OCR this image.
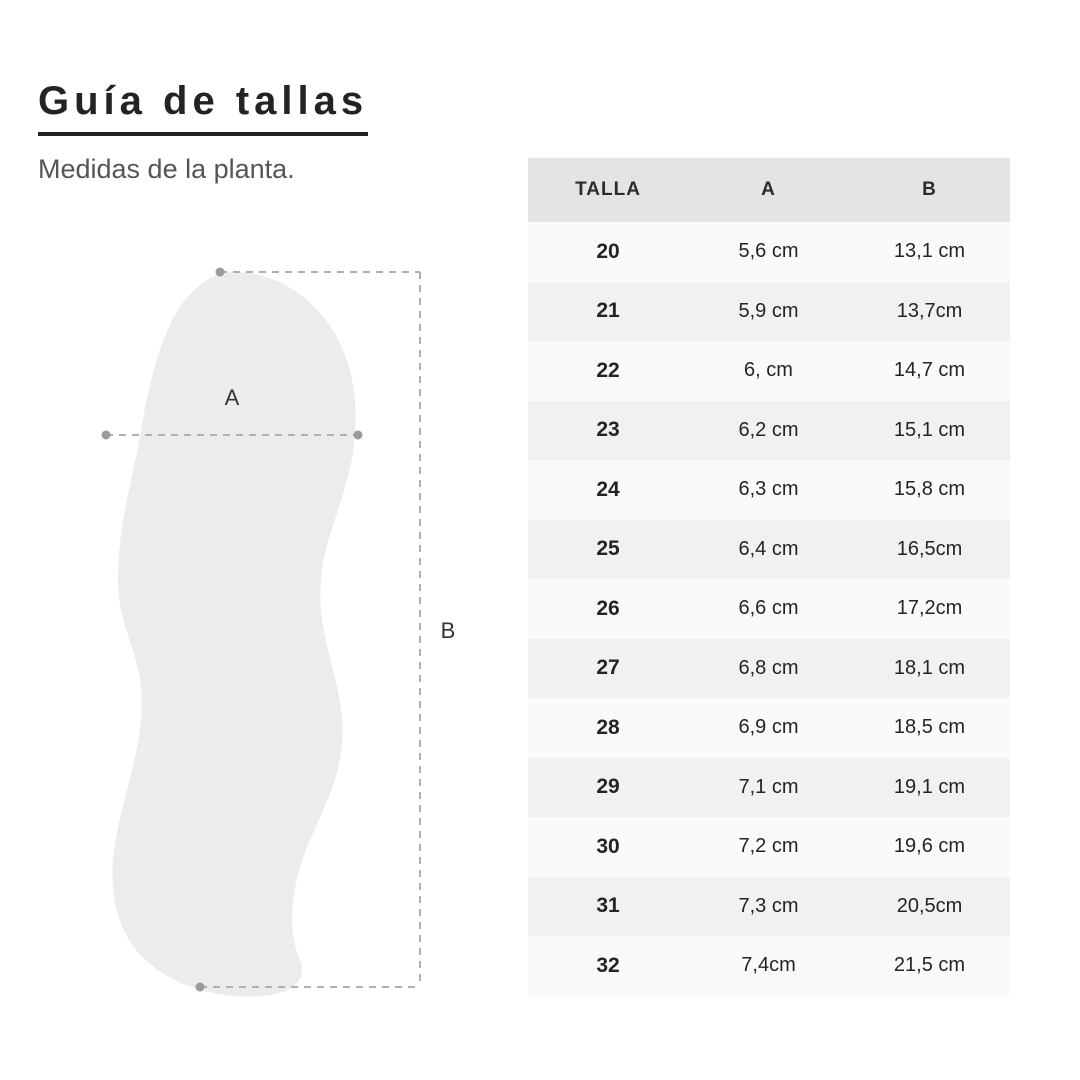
Guía de tallas

Medidas de la planta.

A
B
TALLA	A	B
20	5,6 cm	13,1 cm
21	5,9 cm	13,7cm
22	6, cm	14,7 cm
23	6,2 cm	15,1 cm
24	6,3 cm	15,8 cm
25	6,4 cm	16,5cm
26	6,6 cm	17,2cm
27	6,8 cm	18,1 cm
28	6,9 cm	18,5 cm
29	7,1 cm	19,1 cm
30	7,2 cm	19,6 cm
31	7,3 cm	20,5cm
32	7,4cm	21,5 cm
